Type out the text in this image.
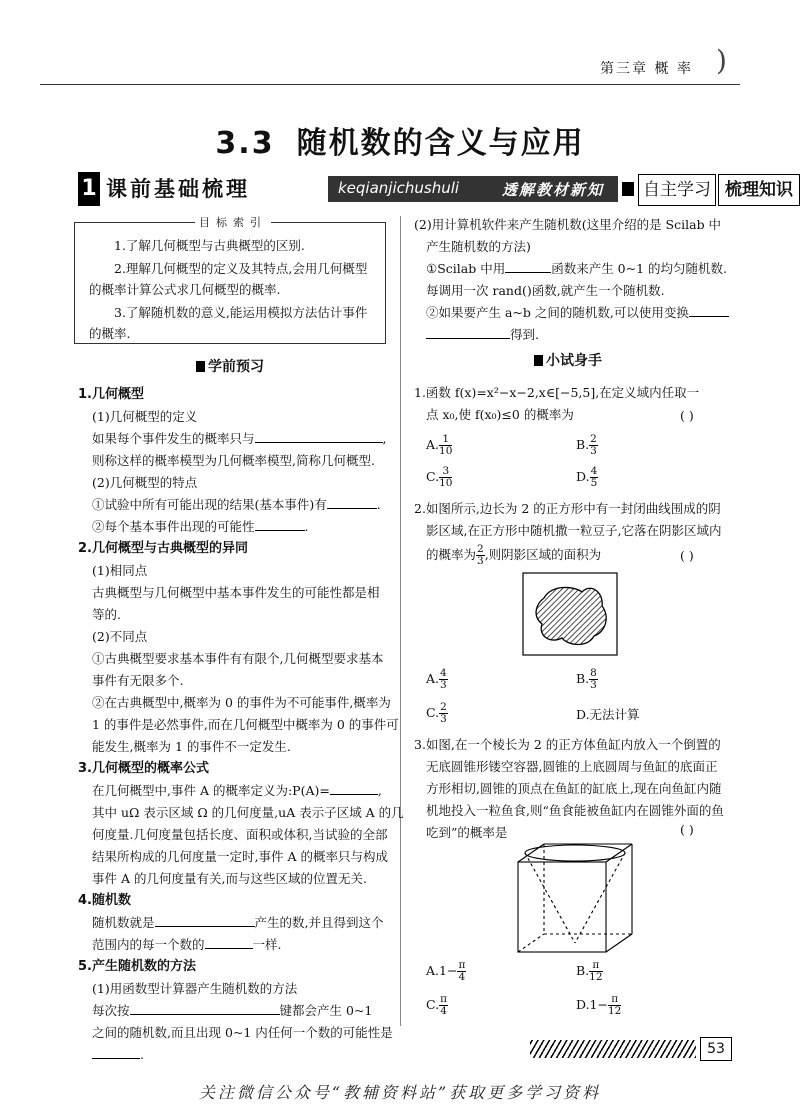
第三章 概 率 )
3.3 随机数的含义与应用
1 课前基础梳理	keqianjichushuli	透解教材新知 自主学习 梳理知识
目标索引

1.了解几何概型与古典概型的区别.

2.理解几何概型的定义及其特点,会用几何概型的概率计算公式求几何概型的概率.

3.了解随机数的意义,能运用模拟方法估计事件的概率.

学前预习
1.几何概型
(1)几何概型的定义
如果每个事件发生的概率只与	,
则称这样的概率模型为几何概率模型,简称几何概型.
(2)几何概型的特点
①试验中所有可能出现的结果(基本事件)有	.
②每个基本事件出现的可能性	.
2.几何概型与古典概型的异同
(1)相同点
古典概型与几何概型中基本事件发生的可能性都是相
等的.
(2)不同点
①古典概型要求基本事件有有限个,几何概型要求基本
事件有无限多个.
②在古典概型中,概率为 0 的事件为不可能事件,概率为
1 的事件是必然事件,而在几何概型中概率为 0 的事件可
能发生,概率为 1 的事件不一定发生.
3.几何概型的概率公式
在几何概型中,事件 A 的概率定义为:P(A)=	,
其中 uΩ 表示区域 Ω 的几何度量,uA 表示子区域 A 的几
何度量.几何度量包括长度、面积或体积,当试验的全部
结果所构成的几何度量一定时,事件 A 的概率只与构成
事件 A 的几何度量有关,而与这些区域的位置无关.
4.随机数
随机数就是	产生的数,并且得到这个
范围内的每一个数的	一样.
5.产生随机数的方法
(1)用函数型计算器产生随机数的方法
每次按	键都会产生 0~1
之间的随机数,而且出现 0~1 内任何一个数的可能性是
.
(2)用计算机软件来产生随机数(这里介绍的是 Scilab 中
产生随机数的方法)
①Scilab 中用	函数来产生 0~1 的均匀随机数.
每调用一次 rand()函数,就产生一个随机数.
②如果要产生 a~b 之间的随机数,可以使用变换
得到.
小试身手
1.函数 f(x)=x²−x−2,x∈[−5,5],在定义域内任取一
点 x₀,使 f(x₀)≤0 的概率为	( )
A. $\frac{1}{10}$	B. $\frac{2}{3}$
C. $\frac{3}{10}$	D. $\frac{4}{5}$
2.如图所示,边长为 2 的正方形中有一封闭曲线围成的阴
影区域,在正方形中随机撒一粒豆子,它落在阴影区域内
的概率为 $\frac{2}{3}$ ,则阴影区域的面积为	( )
A. $\frac{4}{3}$	B. $\frac{8}{3}$
C. $\frac{2}{3}$	D.无法计算
3.如图,在一个棱长为 2 的正方体鱼缸内放入一个倒置的
无底圆锥形镂空容器,圆锥的上底圆周与鱼缸的底面正
方形相切,圆锥的顶点在鱼缸的缸底上,现在向鱼缸内随
机地投入一粒鱼食,则“鱼食能被鱼缸内在圆锥外面的鱼
吃到”的概率是	( )
$A.1- \frac{\pi}{4}$	B. $\frac{\pi}{12}$
C. $\frac{\pi}{4}$	$D.1- \frac{\pi}{12}$
53
关注微信公众号“教辅资料站”获取更多学习资料
